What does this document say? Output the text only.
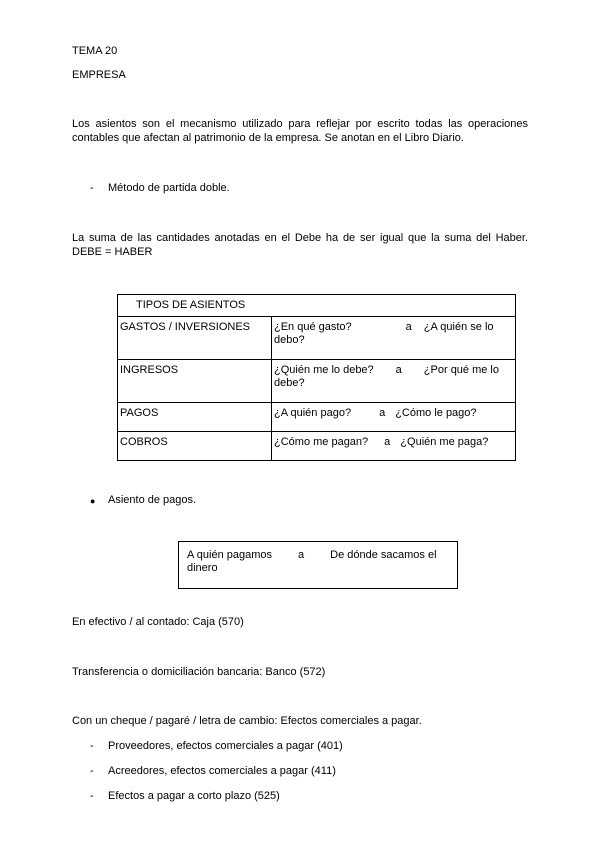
TEMA 20
EMPRESA
Los asientos son el mecanismo utilizado para reflejar por escrito todas las operaciones contables que afectan al patrimonio de la empresa. Se anotan en el Libro Diario.
- Método de partida doble.
La suma de las cantidades anotadas en el Debe ha de ser igual que la suma del Haber.
DEBE = HABER
TIPOS DE ASIENTOS	
GASTOS / INVERSIONES	¿En qué gasto? a ¿A quién se lo debo?
INGRESOS	¿Quién me lo debe? a ¿Por qué me lo debe?
PAGOS	¿A quién pago? a ¿Cómo le pago?
COBROS	¿Cómo me pagan? a ¿Quién me paga?
● Asiento de pagos.
A quién pagamos a De dónde sacamos el dinero
En efectivo / al contado: Caja (570)
Transferencia o domiciliación bancaria: Banco (572)
Con un cheque / pagaré / letra de cambio: Efectos comerciales a pagar.
- Proveedores, efectos comerciales a pagar (401)
- Acreedores, efectos comerciales a pagar (411)
- Efectos a pagar a corto plazo (525)
